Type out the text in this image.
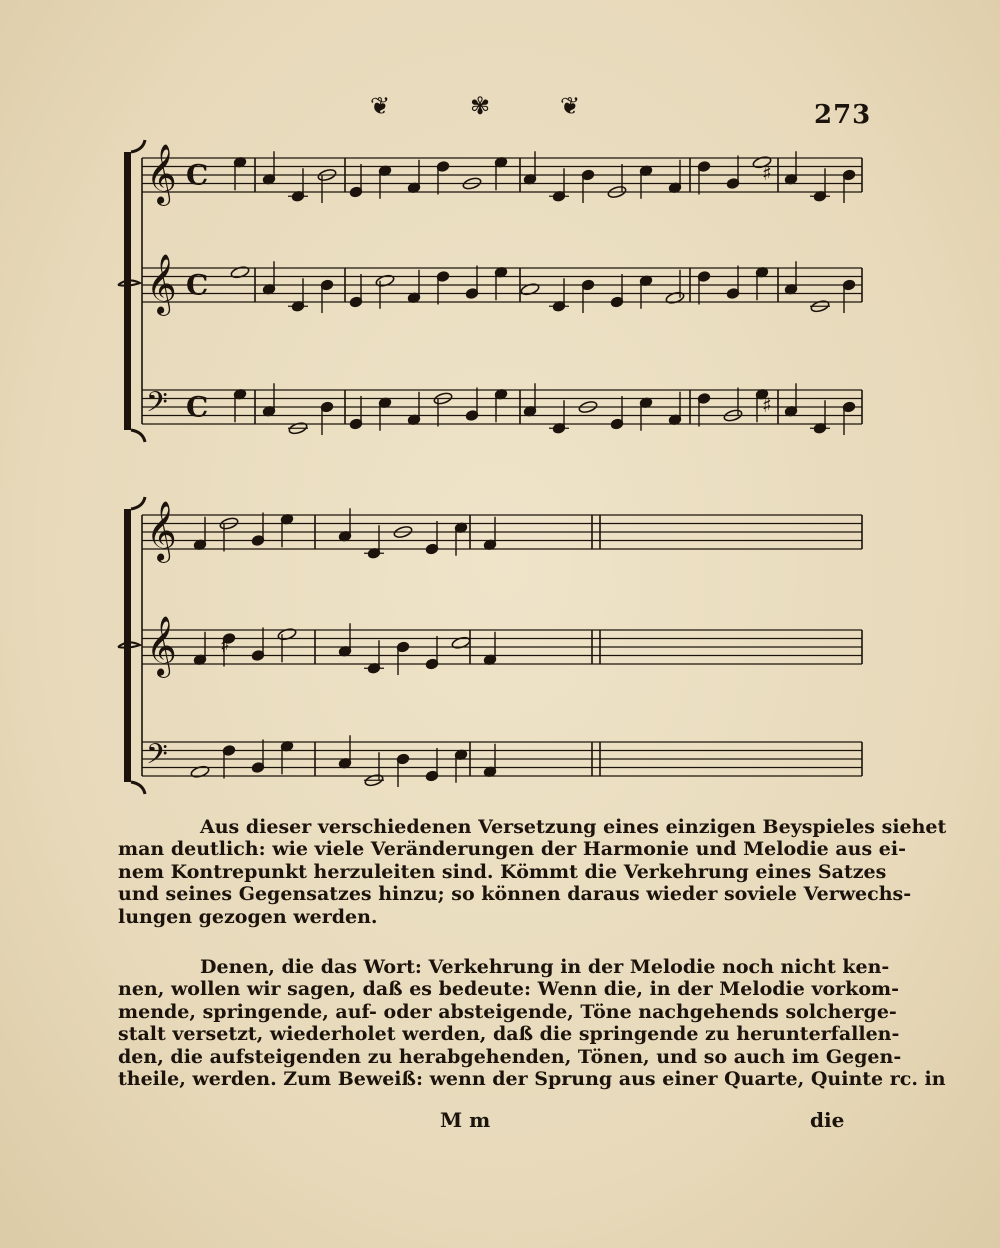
❦	✾	❦	273
𝄞 C	♯
𝄞 C
𝄢 C	♯
𝄞
𝄞 ♯
𝄢
Aus dieser verschiedenen Versetzung eines einzigen Beyspieles siehet
man deutlich: wie viele Veränderungen der Harmonie und Melodie aus ei-
nem Kontrepunkt herzuleiten sind. Kömmt die Verkehrung eines Satzes
und seines Gegensatzes hinzu; so können daraus wieder soviele Verwechs-
lungen gezogen werden.
Denen, die das Wort: Verkehrung in der Melodie noch nicht ken-
nen, wollen wir sagen, daß es bedeute: Wenn die, in der Melodie vorkom-
mende, springende, auf- oder absteigende, Töne nachgehends solcherge-
stalt versetzt, wiederholet werden, daß die springende zu herunterfallen-
den, die aufsteigenden zu herabgehenden, Tönen, und so auch im Gegen-
theile, werden. Zum Beweiß: wenn der Sprung aus einer Quarte, Quinte rc. in
M m	die
